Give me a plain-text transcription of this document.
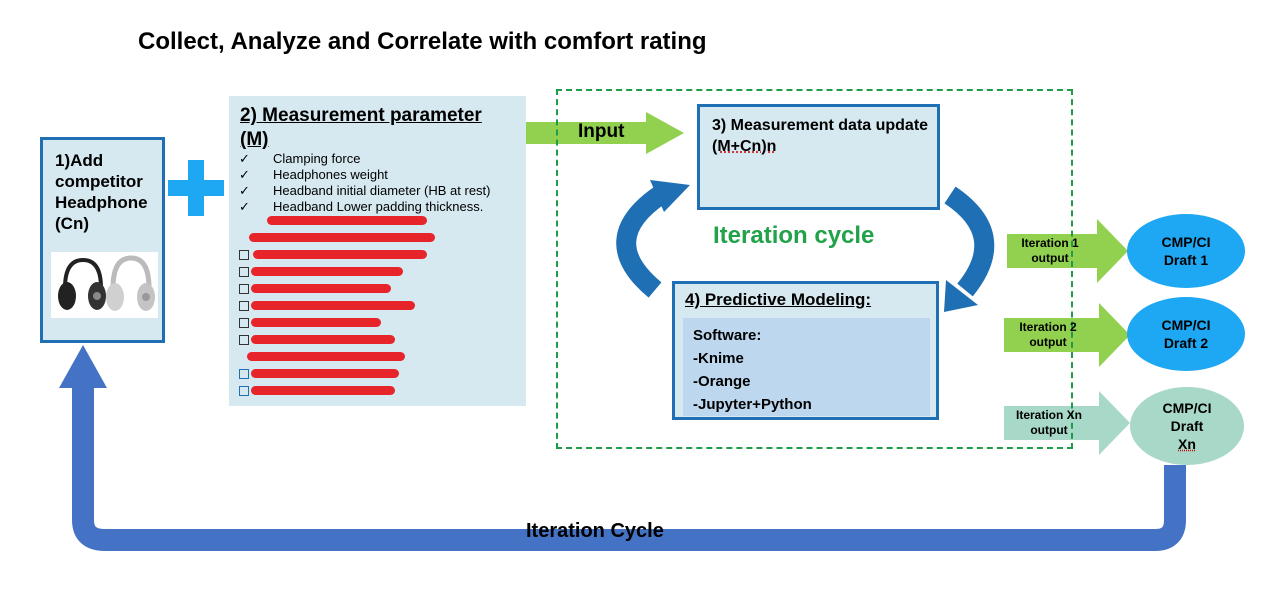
Collect, Analyze and Correlate with comfort rating
1)Add competitor Headphone (Cn)
2) Measurement parameter
(M)
✓ Clamping force
✓ Headphones weight
✓ Headband initial diameter (HB at rest)
✓ Headband Lower padding thickness.
Input	3) Measurement data update
(M+Cn)n
Iteration cycle
4) Predictive Modeling:
Software:
-Knime
-Orange
-Jupyter+Python
Iteration 1 output
Iteration 2 output
Iteration Xn output
CMP/CI
Draft 1
CMP/CI
Draft 2
CMP/CI
Draft
Xn
Iteration Cycle
